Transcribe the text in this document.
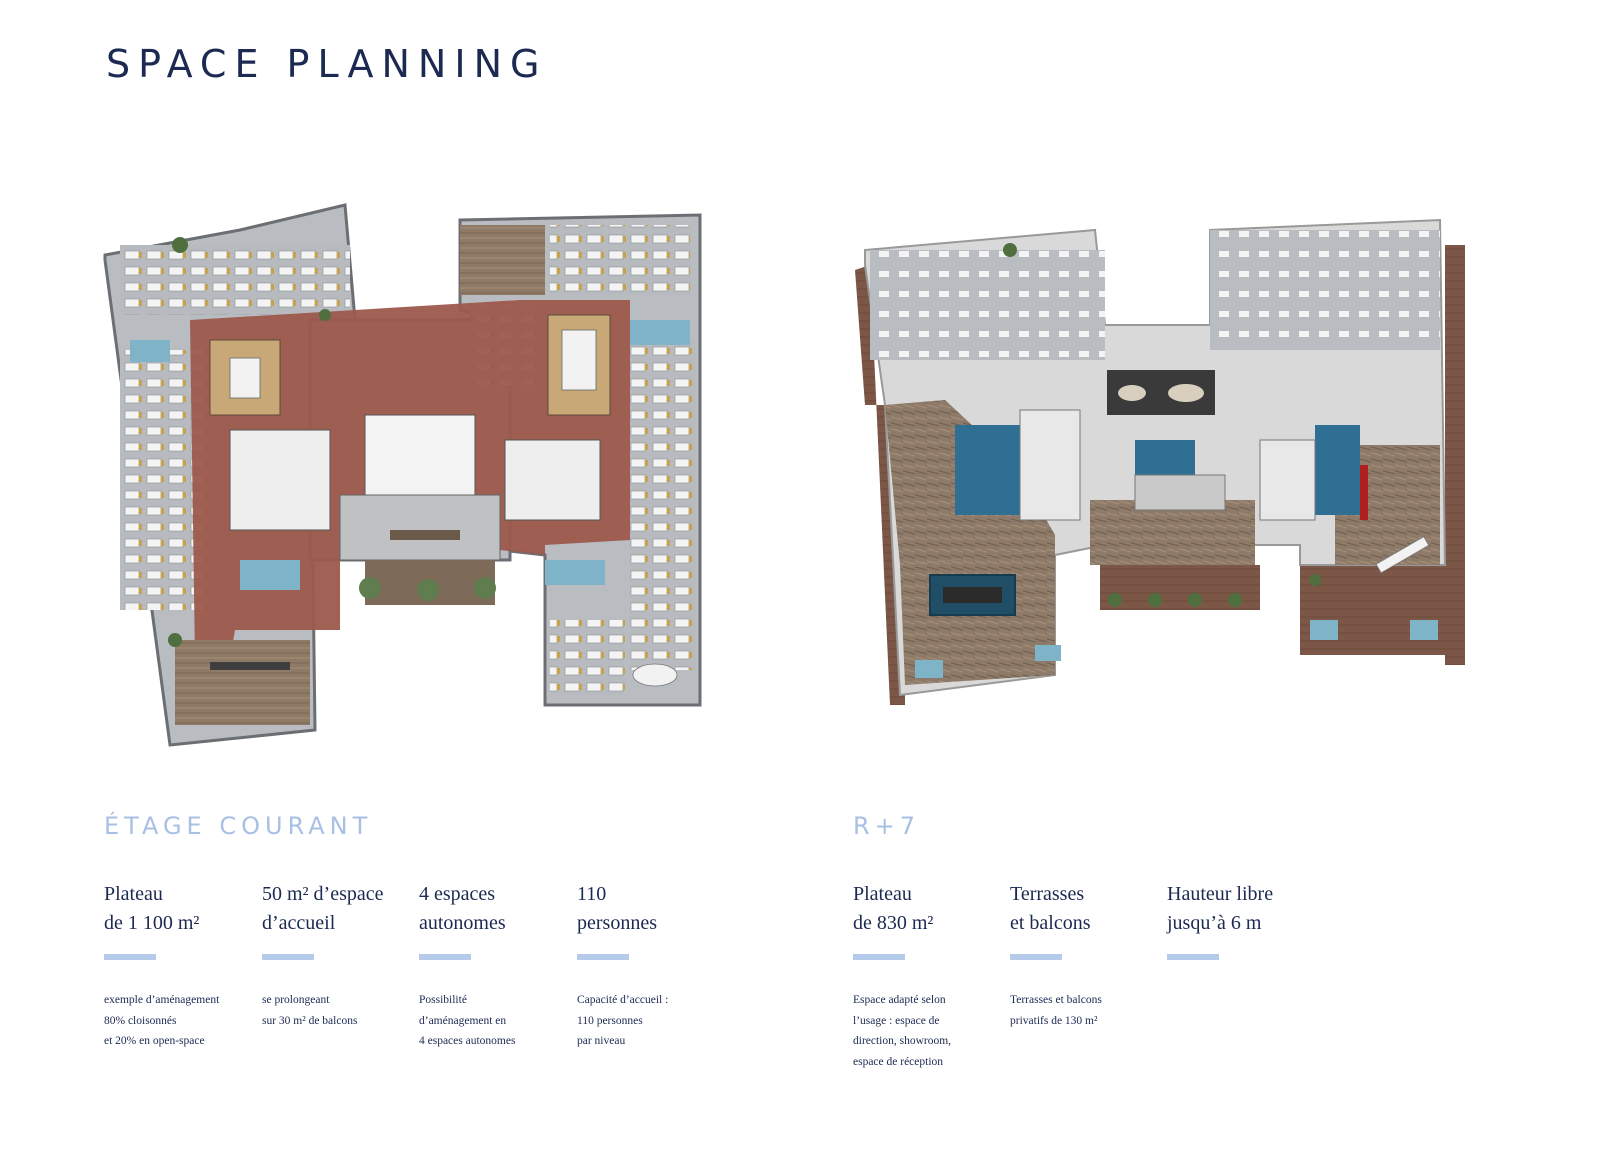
SPACE PLANNING
ÉTAGE COURANT

Plateau
de 1 100 m²

exemple d’aménagement
80% cloisonnés
et 20% en open-space

50 m² d’espace
d’accueil

se prolongeant
sur 30 m² de balcons

4 espaces
autonomes

Possibilité
d’aménagement en
4 espaces autonomes

110
personnes

Capacité d’accueil :
110 personnes
par niveau
R+7

Plateau
de 830 m²

Espace adapté selon
l’usage : espace de
direction, showroom,
espace de réception

Terrasses
et balcons

Terrasses et balcons
privatifs de 130 m²

Hauteur libre
jusqu’à 6 m
